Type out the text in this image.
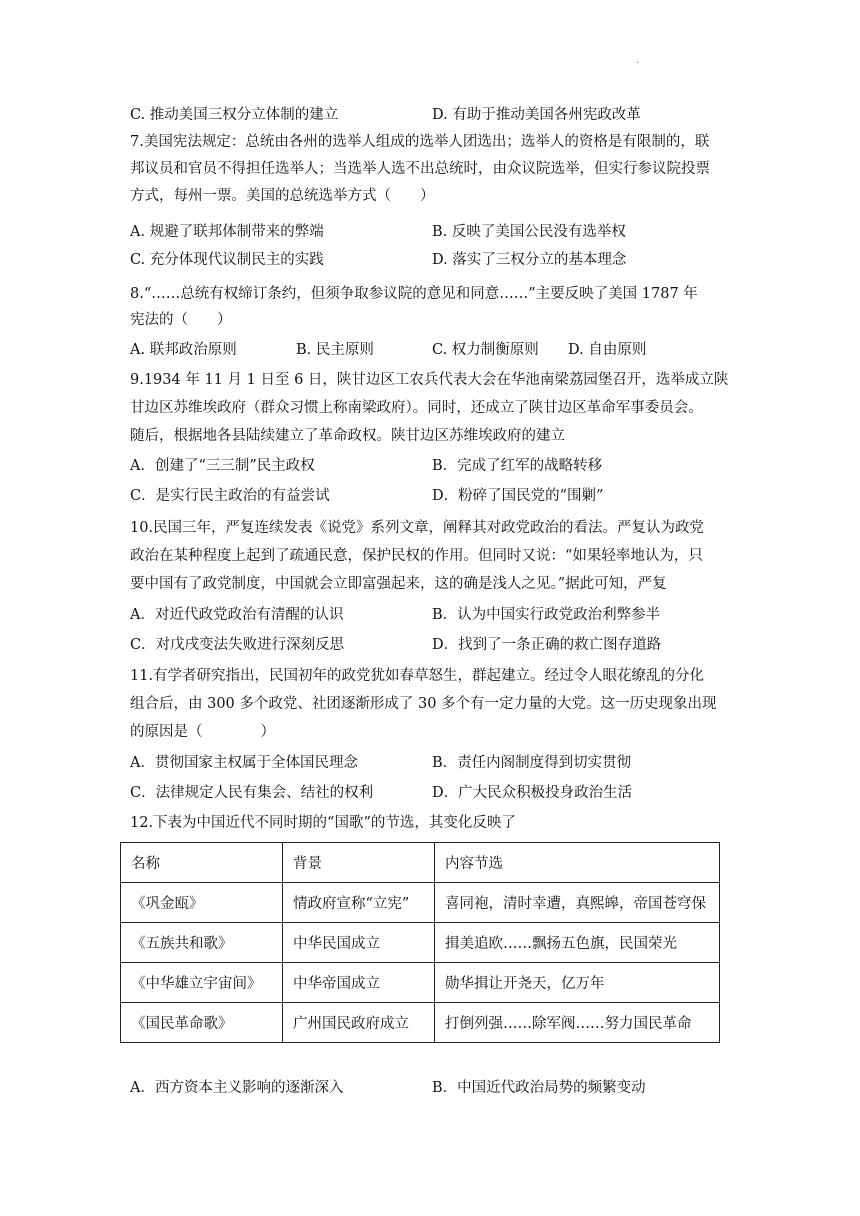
·
C. 推动美国三权分立体制的建立	D. 有助于推动美国各州宪政改革
7.美国宪法规定：总统由各州的选举人组成的选举人团选出；选举人的资格是有限制的，联
邦议员和官员不得担任选举人；当选举人选不出总统时，由众议院选举，但实行参议院投票
方式，每州一票。美国的总统选举方式（　　）
A. 规避了联邦体制带来的弊端	B. 反映了美国公民没有选举权
C. 充分体现代议制民主的实践	D. 落实了三权分立的基本理念
8.“……总统有权缔订条约，但须争取参议院的意见和同意……”主要反映了美国 1787 年
宪法的（　　）
A. 联邦政治原则	B. 民主原则	C. 权力制衡原则 D. 自由原则
9.1934 年 11 月 1 日至 6 日，陕甘边区工农兵代表大会在华池南梁荔园堡召开，选举成立陕
甘边区苏维埃政府（群众习惯上称南梁政府）。同时，还成立了陕甘边区革命军事委员会。
随后，根据地各县陆续建立了革命政权。陕甘边区苏维埃政府的建立
A．创建了“三三制”民主政权	B．完成了红军的战略转移
C．是实行民主政治的有益尝试	D．粉碎了国民党的“围剿”
10.民国三年，严复连续发表《说党》系列文章，阐释其对政党政治的看法。严复认为政党
政治在某种程度上起到了疏通民意，保护民权的作用。但同时又说：“如果轻率地认为，只
要中国有了政党制度，中国就会立即富强起来，这的确是浅人之见。”据此可知，严复
A．对近代政党政治有清醒的认识	B．认为中国实行政党政治利弊参半
C．对戊戌变法失败进行深刻反思	D．找到了一条正确的救亡图存道路
11.有学者研究指出，民国初年的政党犹如春草怒生，群起建立。经过令人眼花缭乱的分化
组合后，由 300 多个政党、社团逐渐形成了 30 多个有一定力量的大党。这一历史现象出现
的原因是（　　　　）
A．贯彻国家主权属于全体国民理念	B．责任内阁制度得到切实贯彻
C．法律规定人民有集会、结社的权利	D．广大民众积极投身政治生活
12.下表为中国近代不同时期的“国歌”的节选，其变化反映了
名称	背景	内容节选
《巩金瓯》	情政府宣称“立宪”	喜同袍，清时幸遭，真熙皞，帝国苍穹保
《五族共和歌》	中华民国成立	揖美追欧……飘扬五色旗，民国荣光
《中华雄立宇宙间》	中华帝国成立	勋华揖让开尧天，亿万年
《国民革命歌》	广州国民政府成立	打倒列强……除军阀……努力国民革命
A．西方资本主义影响的逐渐深入	B．中国近代政治局势的频繁变动
